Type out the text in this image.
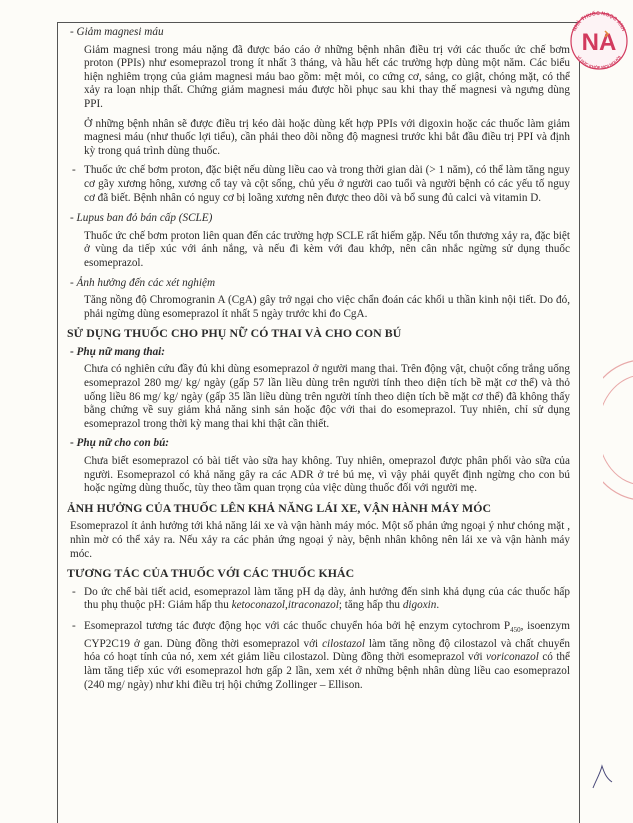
NHÀ THUỐC NGỌC ANH
VÌ SỨC KHỎE MỌI NGƯỜI
NA
- Giảm magnesi máu

Giảm magnesi trong máu nặng đã được báo cáo ở những bệnh nhân điều trị với các thuốc ức chế bơm proton (PPIs) như esomeprazol trong ít nhất 3 tháng, và hầu hết các trường hợp dùng một năm. Các biểu hiện nghiêm trọng của giảm magnesi máu bao gồm: mệt mỏi, co cứng cơ, sảng, co giật, chóng mặt, có thể xảy ra loạn nhịp thất. Chứng giảm magnesi máu được hồi phục sau khi thay thế magnesi và ngưng dùng PPI.

Ở những bệnh nhân sẽ được điều trị kéo dài hoặc dùng kết hợp PPIs với digoxin hoặc các thuốc làm giảm magnesi máu (như thuốc lợi tiểu), cần phải theo dõi nồng độ magnesi trước khi bắt đầu điều trị PPI và định kỳ trong quá trình dùng thuốc.

- Thuốc ức chế bơm proton, đặc biệt nếu dùng liều cao và trong thời gian dài (> 1 năm), có thể làm tăng nguy cơ gãy xương hông, xương cổ tay và cột sống, chủ yếu ở người cao tuổi và người bệnh có các yếu tố nguy cơ đã biết. Bệnh nhân có nguy cơ bị loãng xương nên được theo dõi và bổ sung đủ calci và vitamin D.
- Lupus ban đỏ bán cấp (SCLE)

Thuốc ức chế bơm proton liên quan đến các trường hợp SCLE rất hiếm gặp. Nếu tổn thương xảy ra, đặc biệt ở vùng da tiếp xúc với ánh nắng, và nếu đi kèm với đau khớp, nên cân nhắc ngừng sử dụng thuốc esomeprazol.

- Ảnh hưởng đến các xét nghiệm

Tăng nồng độ Chromogranin A (CgA) gây trở ngại cho việc chẩn đoán các khối u thần kinh nội tiết. Do đó, phải ngừng dùng esomeprazol ít nhất 5 ngày trước khi đo CgA.

SỬ DỤNG THUỐC CHO PHỤ NỮ CÓ THAI VÀ CHO CON BÚ
- Phụ nữ mang thai:

Chưa có nghiên cứu đầy đủ khi dùng esomeprazol ở người mang thai. Trên động vật, chuột cống trắng uống esomeprazol 280 mg/ kg/ ngày (gấp 57 lần liều dùng trên người tính theo diện tích bề mặt cơ thể) và thỏ uống liều 86 mg/ kg/ ngày (gấp 35 lần liều dùng trên người tính theo diện tích bề mặt cơ thể) đã không thấy bằng chứng về suy giảm khả năng sinh sản hoặc độc với thai do esomeprazol. Tuy nhiên, chỉ sử dụng esomeprazol trong thời kỳ mang thai khi thật cần thiết.

- Phụ nữ cho con bú:

Chưa biết esomeprazol có bài tiết vào sữa hay không. Tuy nhiên, omeprazol được phân phối vào sữa của người. Esomeprazol có khả năng gây ra các ADR ở trẻ bú mẹ, vì vậy phải quyết định ngừng cho con bú hoặc ngừng dùng thuốc, tùy theo tầm quan trọng của việc dùng thuốc đối với người mẹ.

ẢNH HƯỞNG CỦA THUỐC LÊN KHẢ NĂNG LÁI XE, VẬN HÀNH MÁY MÓC

Esomeprazol ít ảnh hưởng tới khả năng lái xe và vận hành máy móc. Một số phản ứng ngoại ý như chóng mặt , nhìn mờ có thể xảy ra. Nếu xảy ra các phản ứng ngoại ý này, bệnh nhân không nên lái xe và vận hành máy móc.

TƯƠNG TÁC CỦA THUỐC VỚI CÁC THUỐC KHÁC
- Do ức chế bài tiết acid, esomeprazol làm tăng pH dạ dày, ảnh hưởng đến sinh khả dụng của các thuốc hấp thu phụ thuộc pH: Giảm hấp thu ketoconazol,itraconazol; tăng hấp thu digoxin.
- Esomeprazol tương tác được động học với các thuốc chuyển hóa bởi hệ enzym cytochrom $P_{450}$, isoenzym CYP2C19 ở gan. Dùng đồng thời esomeprazol với cilostazol làm tăng nồng độ cilostazol và chất chuyển hóa có hoạt tính của nó, xem xét giảm liều cilostazol. Dùng đồng thời esomeprazol với voriconazol có thể làm tăng tiếp xúc với esomeprazol hơn gấp 2 lần, xem xét ở những bệnh nhân dùng liều cao esomeprazol (240 mg/ ngày) như khi điều trị hội chứng Zollinger – Ellison.
